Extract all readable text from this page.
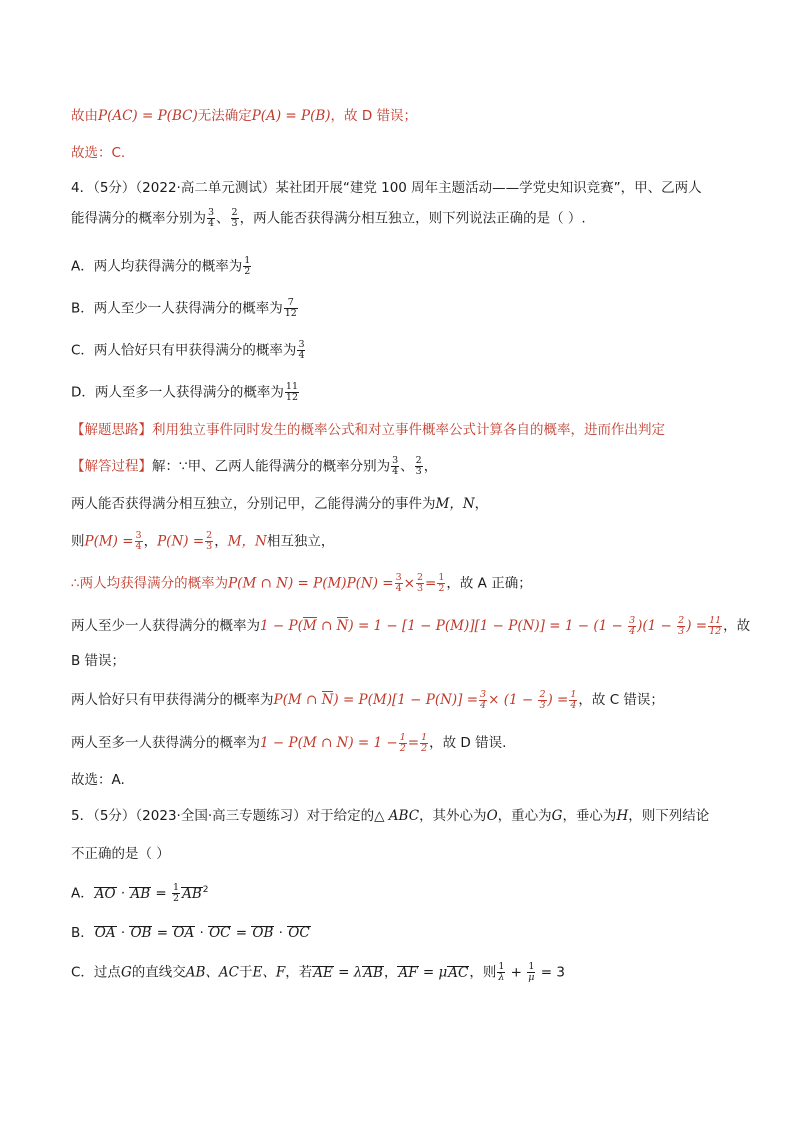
故由P(AC) = P(BC)无法确定P(A) = P(B)，故 D 错误；
故选：C.
4．（5分）（2022·高二单元测试）某社团开展“建党 100 周年主题活动——学党史知识竞赛”，甲、乙两人
能得满分的概率分别为 $\frac{3}{4}$ 、 $\frac{2}{3}$ ，两人能否获得满分相互独立，则下列说法正确的是（ ）.
A．两人均获得满分的概率为 $\frac{1}{2}$
B．两人至少一人获得满分的概率为 $\frac{7}{12}$
C．两人恰好只有甲获得满分的概率为 $\frac{3}{4}$
D．两人至多一人获得满分的概率为 $\frac{11}{12}$
【解题思路】利用独立事件同时发生的概率公式和对立事件概率公式计算各自的概率，进而作出判定
【解答过程】解：∵甲、乙两人能得满分的概率分别为 $\frac{3}{4}$ 、 $\frac{2}{3}$ ，
两人能否获得满分相互独立，分别记甲，乙能得满分的事件为M，N，
则$P(M) = \frac{3}{4}$ ，$P(N) = \frac{2}{3}$ ，M，N相互独立，
∴两人均获得满分的概率为P(M ∩ $N) = P(M)P(N) = \frac{3}{4} \times \frac{2}{3} = \frac{1}{2}$ ，故 A 正确；
两人至少一人获得满分的概率为1 − P(M ∩ $N) = 1 - [1 - P(M)][1 - P(N)] = 1 - (1 - \frac{3}{4} )(1 - \frac{2}{3}$ ) = $\frac{11}{12}$ ，故
B 错误；
两人恰好只有甲获得满分的概率为P(M ∩ $N) = P(M)[1 - P(N)] = \frac{3}{4} \times (1 - \frac{2}{3}$ ) = $\frac{1}{4}$ ，故 C 错误；
两人至多一人获得满分的概率为1 − P(M ∩ $N) = 1 - \frac{1}{2} = \frac{1}{2}$ ，故 D 错误.
故选：A.
5．（5分）（2023·全国·高三专题练习）对于给定的△ ABC，其外心为O，重心为G，垂心为H，则下列结论
不正确的是（ ）
A．AO · AB = $\frac{1}{2} AB^2$
B．OA · OB = OA · OC = OB · OC
C．过点G的直线交AB、AC于E、F，若AE = λAB，AF = μAC，则 $\frac{1}{\lambda} + \frac{1}{\mu} = 3$
